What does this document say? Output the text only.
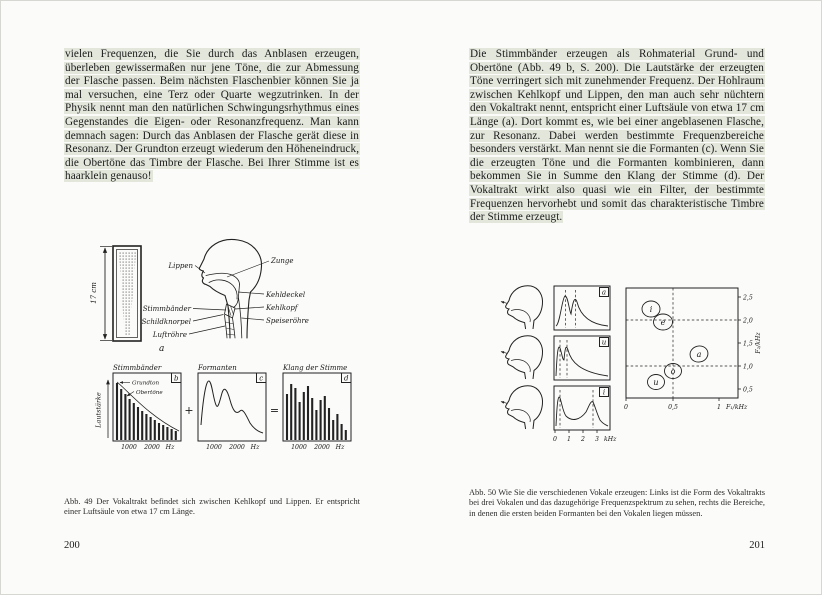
vielen Frequenzen, die Sie durch das Anblasen erzeugen, überleben gewissermaßen nur jene Töne, die zur Abmessung der Flasche passen. Beim nächsten Flaschenbier können Sie ja mal versuchen, eine Terz oder Quarte wegzutrinken. In der Physik nennt man den natürlichen Schwingungsrhythmus eines Gegenstandes die Eigen- oder Resonanzfrequenz. Man kann demnach sagen: Durch das Anblasen der Flasche gerät diese in Resonanz. Der Grundton erzeugt wiederum den Höheneindruck, die Obertöne das Timbre der Flasche. Bei Ihrer Stimme ist es haarklein genauso!

17 cm
a
Lippen
Zunge
Kehldeckel
Kehlkopf
Speiseröhre
Stimmbänder
Schildknorpel
Luftröhre
Lautstärke
Stimmbänder
b
Grundton
Obertöne
1000 2000 Hz
+
Formanten
c
1000 2000 Hz
=
Klang der Stimme
d
1000 2000 Hz

Abb. 49 Der Vokaltrakt befindet sich zwischen Kehlkopf und Lippen. Er entspricht einer Luftsäule von etwa 17 cm Länge.

200

Die Stimmbänder erzeugen als Rohmaterial Grund- und Obertöne (Abb. 49 b, S. 200). Die Lautstärke der erzeugten Töne verringert sich mit zunehmender Frequenz. Der Hohlraum zwischen Kehlkopf und Lippen, den man auch sehr nüchtern den Vokaltrakt nennt, entspricht einer Luftsäule von etwa 17 cm Länge (a). Dort kommt es, wie bei einer angeblasenen Flasche, zur Resonanz. Dabei werden bestimmte Frequenzbereiche besonders verstärkt. Man nennt sie die Formanten (c). Wenn Sie die erzeugten Töne und die Formanten kombinieren, dann bekommen Sie in Summe den Klang der Stimme (d). Der Vokaltrakt wirkt also quasi wie ein Filter, der bestimmte Frequenzen hervorhebt und somit das charakteristische Timbre der Stimme erzeugt.

a
u
i
0 1 2 3 kHz
i
e
a
u
o
2,5
2,0
1,5
1,0
0,5
F₂/kHz
0	0,5	1 F₁/kHz

Abb. 50 Wie Sie die verschiedenen Vokale erzeugen: Links ist die Form des Vokaltrakts bei drei Vokalen und das dazugehörige Frequenzspektrum zu sehen, rechts die Bereiche, in denen die ersten beiden Formanten bei den Vokalen liegen müssen.

201
